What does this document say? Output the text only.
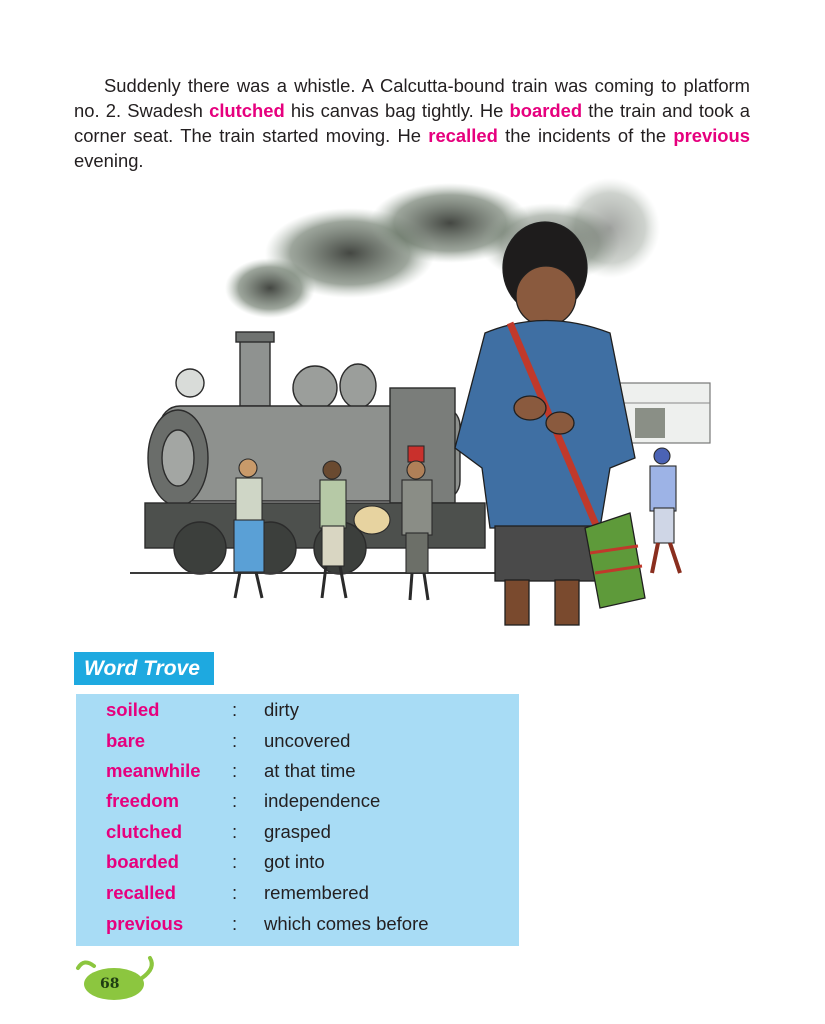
Suddenly there was a whistle. A Calcutta-bound train was coming to platform no. 2. Swadesh clutched his canvas bag tightly. He boarded the train and took a corner seat. The train started moving. He recalled the incidents of the previous evening.

Word Trove
soiled	: dirty
bare	: uncovered
meanwhile : at that time
freedom	: independence
clutched	: grasped
boarded	: got into
recalled	: remembered
previous	: which comes before
68
